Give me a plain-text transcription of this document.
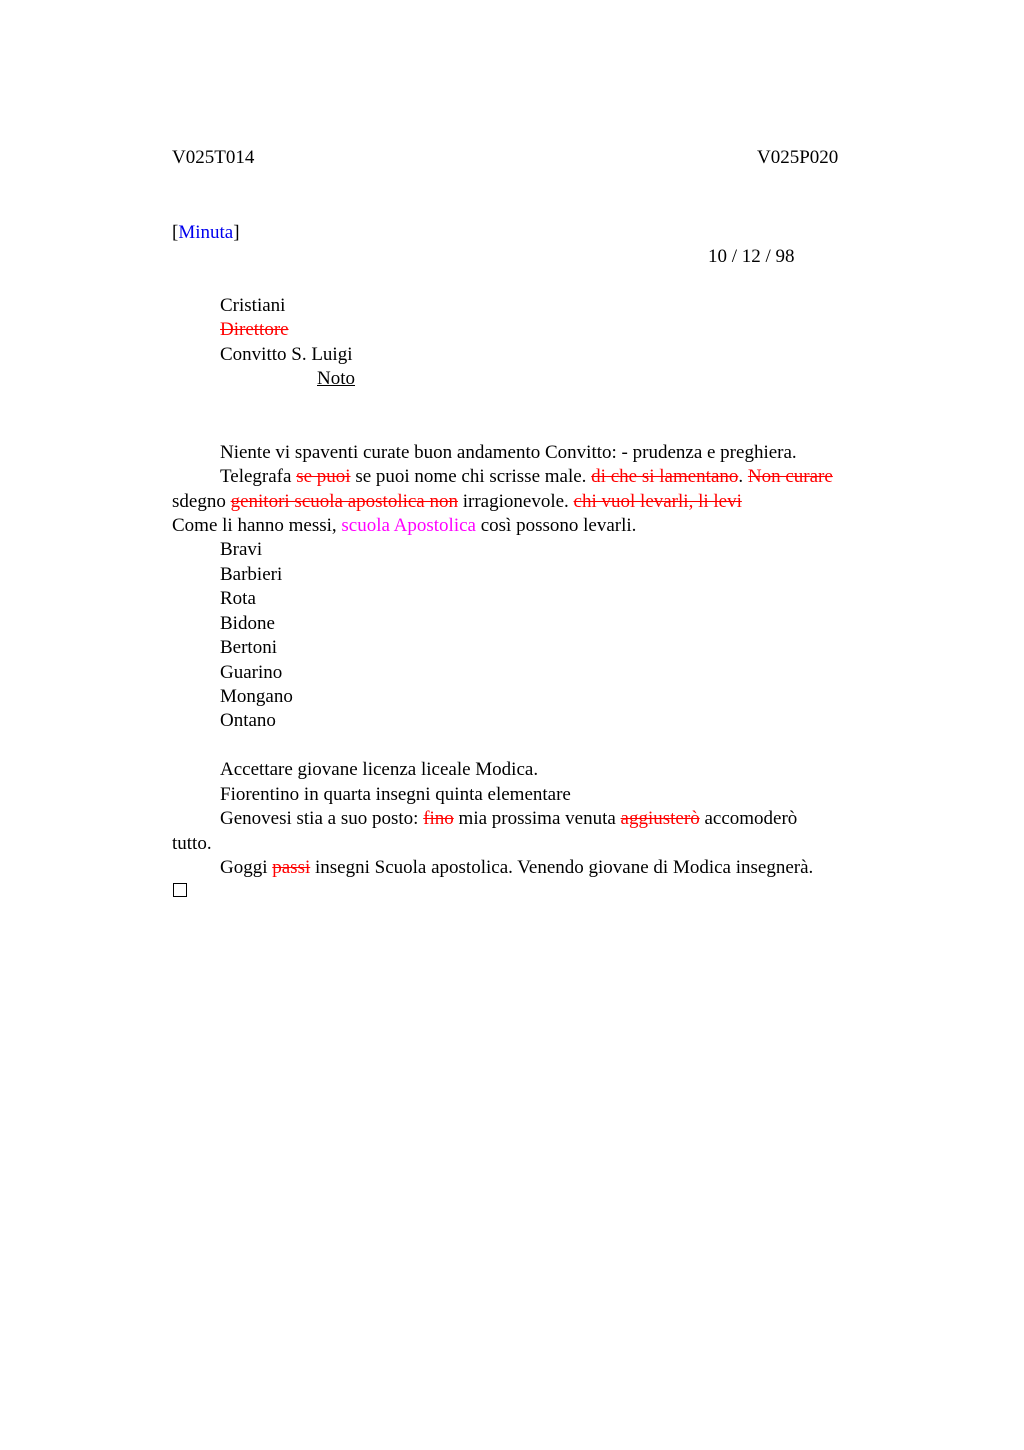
V025T014	V025P020
[Minuta]
10 / 12 / 98
Cristiani
Direttore
Convitto S. Luigi
Noto
Niente vi spaventi curate buon andamento Convitto: - prudenza e preghiera.
Telegrafa se puoi se puoi nome chi scrisse male. di che si lamentano. Non curare
sdegno genitori scuola apostolica non irragionevole. chi vuol levarli, li levi
Come li hanno messi, scuola Apostolica così possono levarli.
Bravi
Barbieri
Rota
Bidone
Bertoni
Guarino
Mongano
Ontano
Accettare giovane licenza liceale Modica.
Fiorentino in quarta insegni quinta elementare
Genovesi stia a suo posto: fino mia prossima venuta aggiusterò accomoderò
tutto.
Goggi passi insegni Scuola apostolica. Venendo giovane di Modica insegnerà.
